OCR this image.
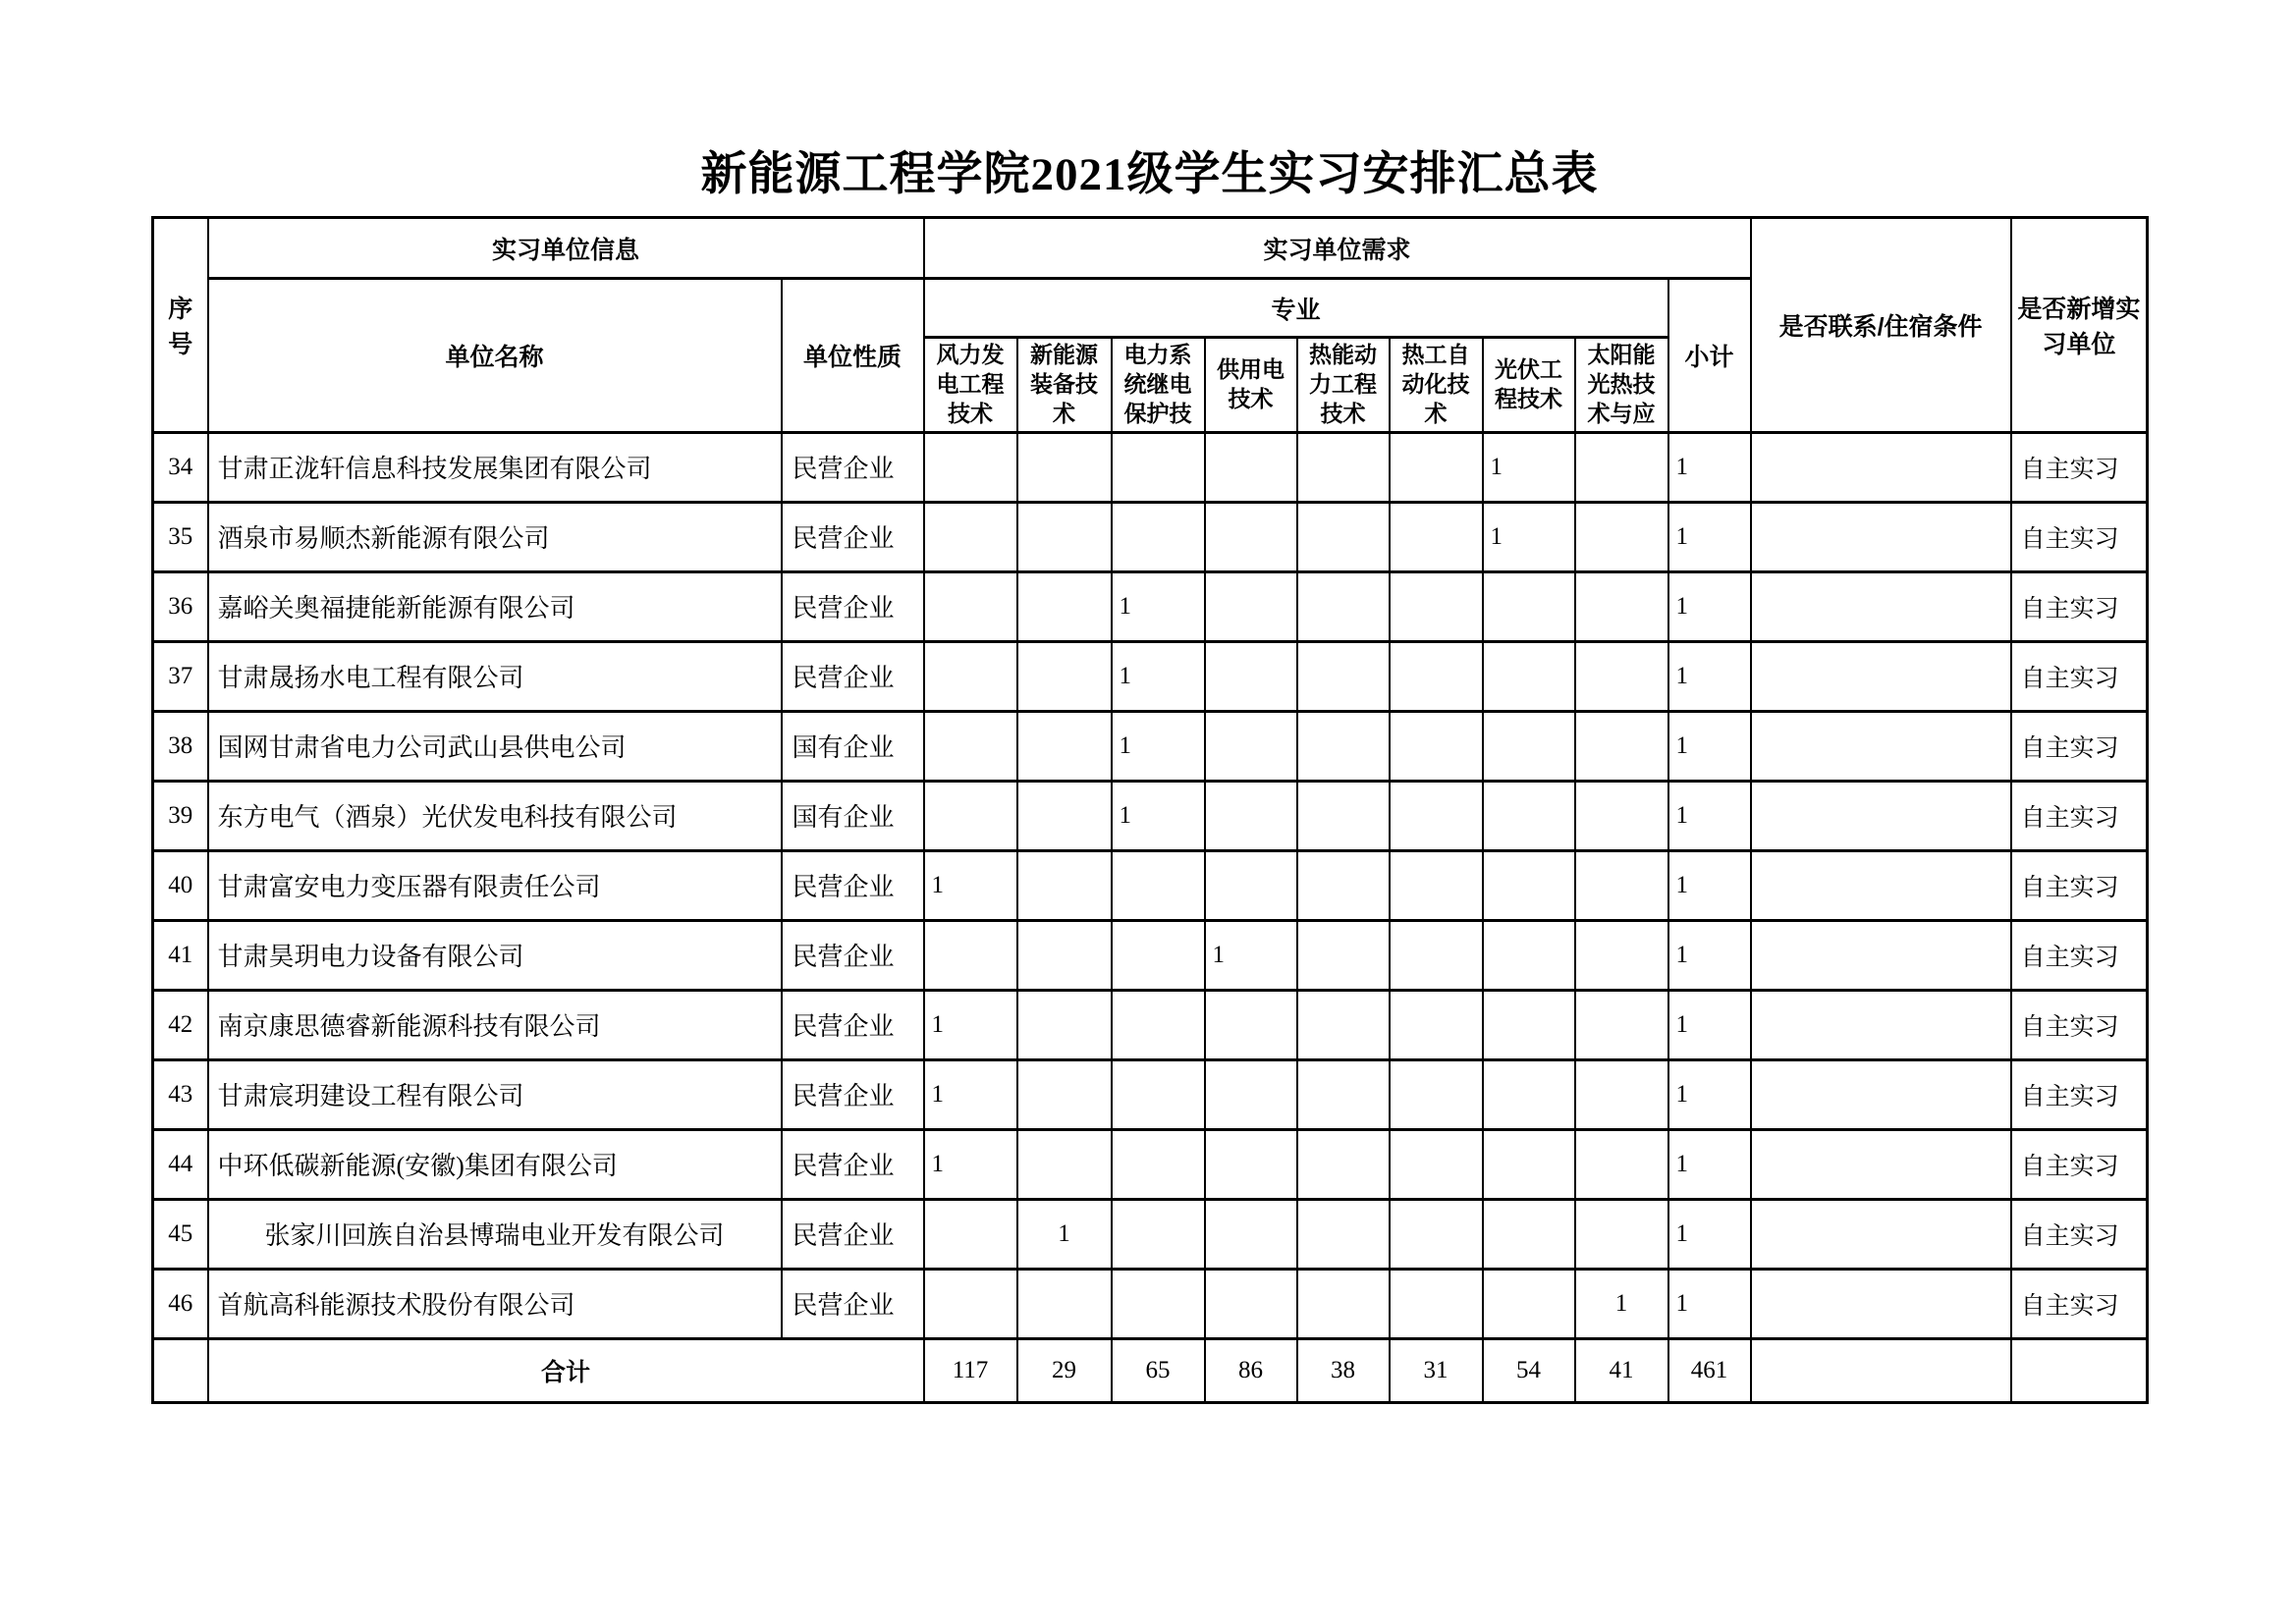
新能源工程学院2021级学生实习安排汇总表
序号	实习单位信息		实习单位需求									是否联系/住宿条件	是否新增实习单位
	单位名称	单位性质	专业								小计		
			风力发电工程技术	新能源装备技术	电力系统继电保护技	供用电技术	热能动力工程技术	热工自动化技术	光伏工程技术	太阳能光热技术与应			
34	甘肃正泷轩信息科技发展集团有限公司	民营企业							1		1		自主实习
35	酒泉市易顺杰新能源有限公司	民营企业							1		1		自主实习
36	嘉峪关奥福捷能新能源有限公司	民营企业			1						1		自主实习
37	甘肃晟扬水电工程有限公司	民营企业			1						1		自主实习
38	国网甘肃省电力公司武山县供电公司	国有企业			1						1		自主实习
39	东方电气（酒泉）光伏发电科技有限公司	国有企业			1						1		自主实习
40	甘肃富安电力变压器有限责任公司	民营企业	1								1		自主实习
41	甘肃昊玥电力设备有限公司	民营企业				1					1		自主实习
42	南京康思德睿新能源科技有限公司	民营企业	1								1		自主实习
43	甘肃宸玥建设工程有限公司	民营企业	1								1		自主实习
44	中环低碳新能源(安徽)集团有限公司	民营企业	1								1		自主实习
45	张家川回族自治县博瑞电业开发有限公司	民营企业		1							1		自主实习
46	首航高科能源技术股份有限公司	民营企业								1	1		自主实习
	合计		117	29	65	86	38	31	54	41	461		
